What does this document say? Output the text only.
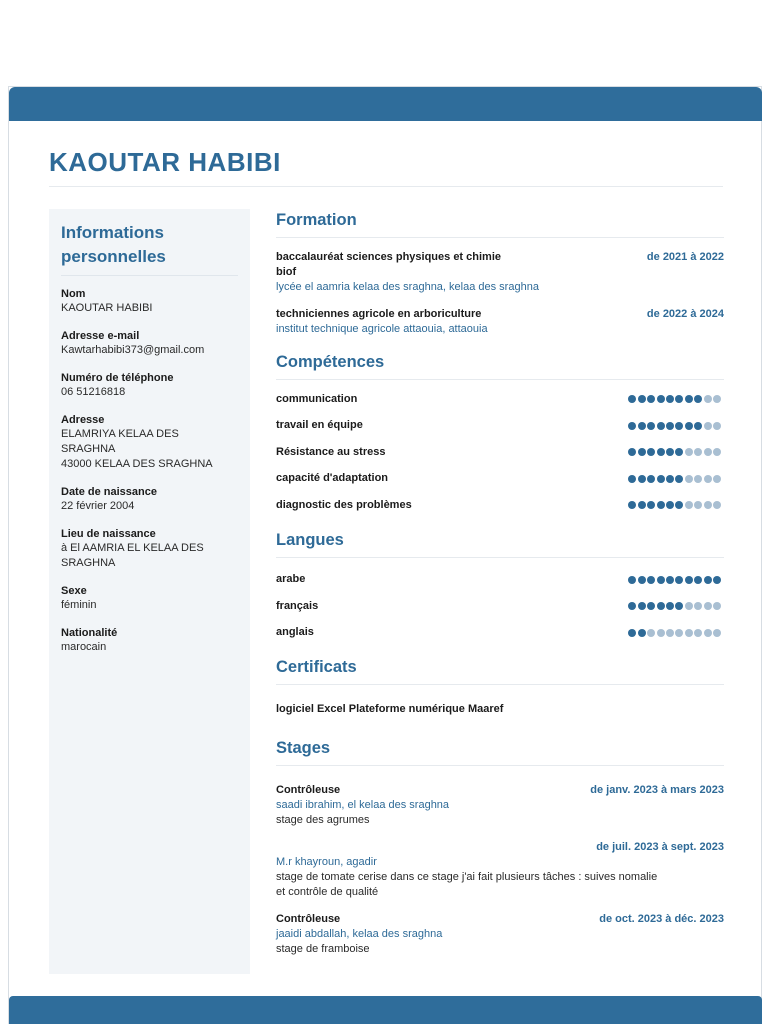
KAOUTAR HABIBI
Informations
personnelles
Nom
KAOUTAR HABIBI
Adresse e-mail
Kawtarhabibi373@gmail.com
Numéro de téléphone
06 51216818
Adresse
ELAMRIYA KELAA DES
SRAGHNA
43000 KELAA DES SRAGHNA
Date de naissance
22 février 2004
Lieu de naissance
à El AAMRIA EL KELAA DES
SRAGHNA
Sexe
féminin
Nationalité
marocain
Formation
baccalauréat sciences physiques et chimie
biof
de 2021 à 2022
lycée el aamria kelaa des sraghna, kelaa des sraghna
techniciennes agricole en arboriculture	de 2022 à 2024
institut technique agricole attaouia, attaouia
Compétences
communication
travail en équipe
Résistance au stress
capacité d'adaptation
diagnostic des problèmes
Langues
arabe
français
anglais
Certificats
logiciel Excel Plateforme numérique Maaref
Stages
Contrôleuse	de janv. 2023 à mars 2023
saadi ibrahim, el kelaa des sraghna
stage des agrumes
de juil. 2023 à sept. 2023
M.r khayroun, agadir
stage de tomate cerise dans ce stage j'ai fait plusieurs tâches : suives nomalie
et contrôle de qualité
Contrôleuse	de oct. 2023 à déc. 2023
jaaidi abdallah, kelaa des sraghna
stage de framboise
